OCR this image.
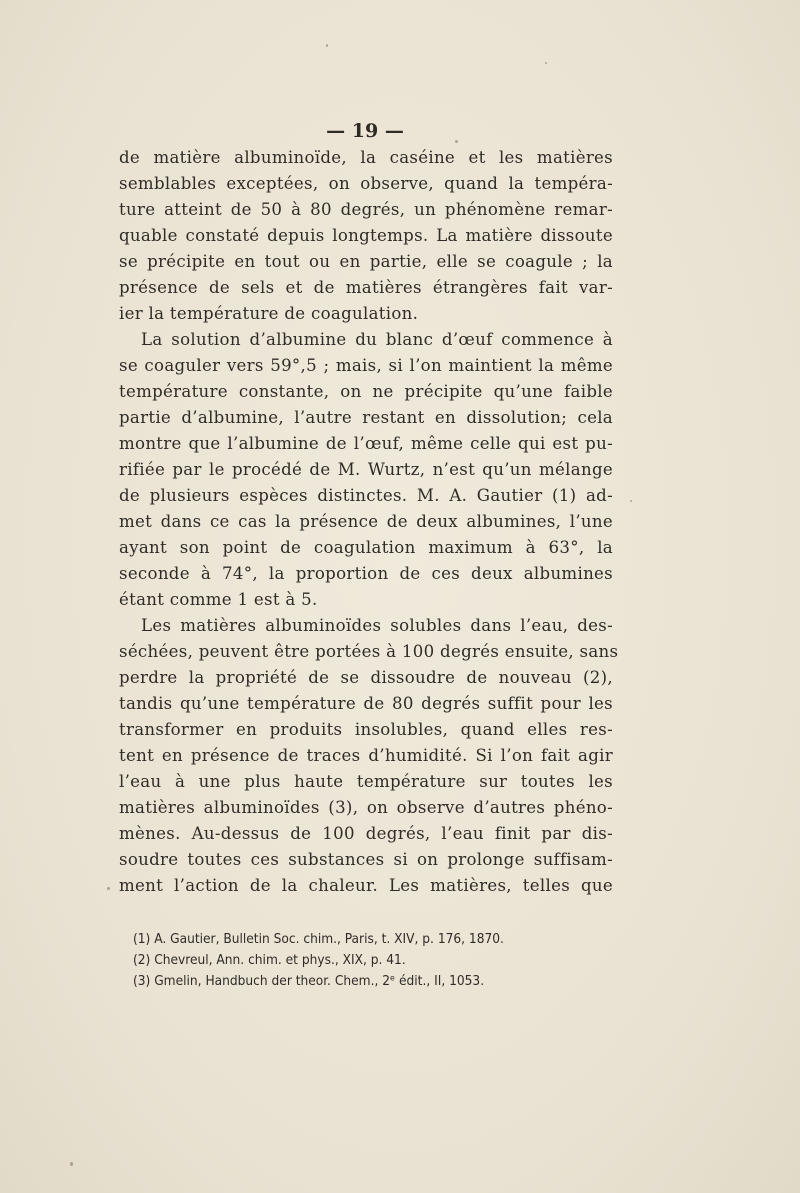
— 19 —
de matière albuminoïde, la caséine et les matières
semblables exceptées, on observe, quand la tempéra-
ture atteint de 50 à 80 degrés, un phénomène remar-
quable constaté depuis longtemps. La matière dissoute
se précipite en tout ou en partie, elle se coagule ; la
présence de sels et de matières étrangères fait var-
ier la température de coagulation.
La solution d’albumine du blanc d’œuf commence à
se coaguler vers 59°,5 ; mais, si l’on maintient la même
température constante, on ne précipite qu’une faible
partie d’albumine, l’autre restant en dissolution; cela
montre que l’albumine de l’œuf, même celle qui est pu-
rifiée par le procédé de M. Wurtz, n’est qu’un mélange
de plusieurs espèces distinctes. M. A. Gautier (1) ad-
met dans ce cas la présence de deux albumines, l’une
ayant son point de coagulation maximum à 63°, la
seconde à 74°, la proportion de ces deux albumines
étant comme 1 est à 5.
Les matières albuminoïdes solubles dans l’eau, des-
séchées, peuvent être portées à 100 degrés ensuite, sans
perdre la propriété de se dissoudre de nouveau (2),
tandis qu’une température de 80 degrés suffit pour les
transformer en produits insolubles, quand elles res-
tent en présence de traces d’humidité. Si l’on fait agir
l’eau à une plus haute température sur toutes les
matières albuminoïdes (3), on observe d’autres phéno-
mènes. Au-dessus de 100 degrés, l’eau finit par dis-
soudre toutes ces substances si on prolonge suffisam-
ment l’action de la chaleur. Les matières, telles que
(1) A. Gautier, Bulletin Soc. chim., Paris, t. XIV, p. 176, 1870.
(2) Chevreul, Ann. chim. et phys., XIX, p. 41.
(3) Gmelin, Handbuch der theor. Chem., 2ᵉ édit., II, 1053.
